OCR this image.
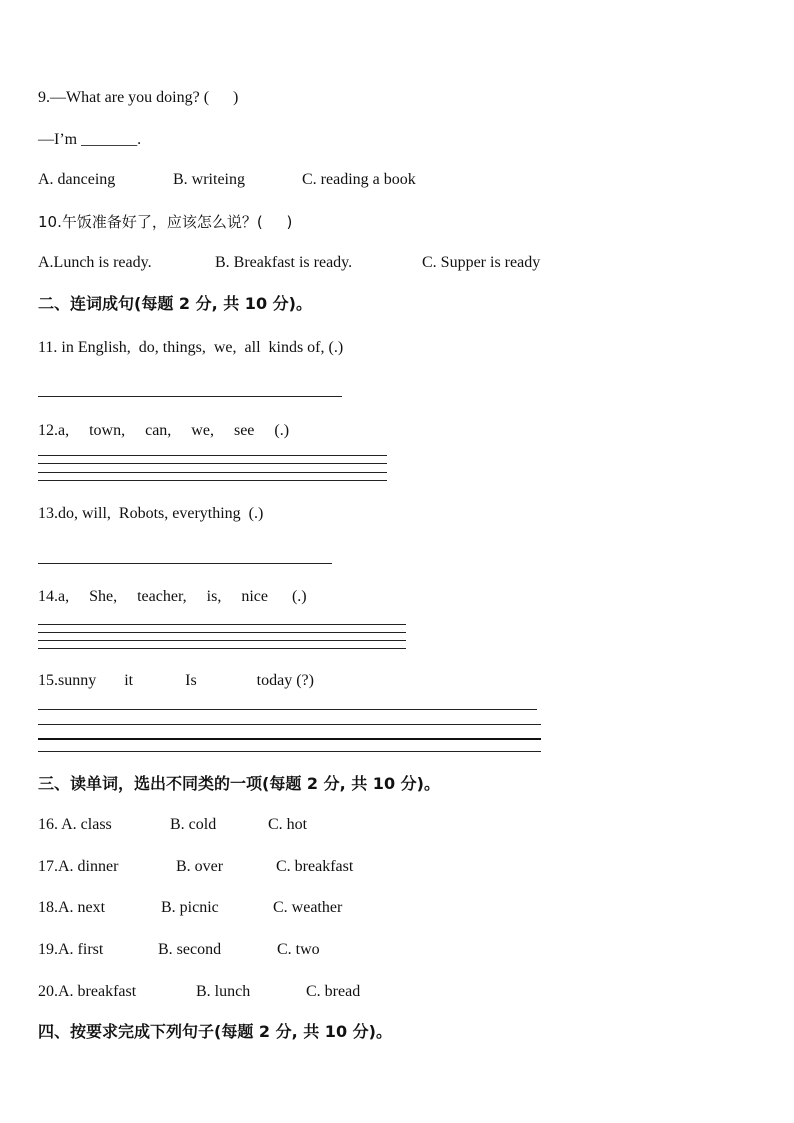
9.—What are you doing? (      )
—I’m _______.
A. danceing	B. writeing	C. reading a book
10.午饭准备好了，应该怎么说？(     )
A.Lunch is ready.	B. Breakfast is ready.	C. Supper is ready
二、连词成句(每题 2 分, 共 10 分)。
11. in English,  do, things,  we,  all  kinds of, (.)
12.a,     town,     can,     we,     see     (.)
13.do, will,  Robots, everything  (.)
14.a,     She,     teacher,     is,     nice      (.)
15.sunny       it             Is               today (?)
三、读单词，选出不同类的一项(每题 2 分, 共 10 分)。
16. A. class	B. cold	C. hot
17.A. dinner	B. over	C. breakfast
18.A. next	B. picnic	C. weather
19.A. first	B. second	C. two
20.A. breakfast	B. lunch	C. bread
四、按要求完成下列句子(每题 2 分, 共 10 分)。
